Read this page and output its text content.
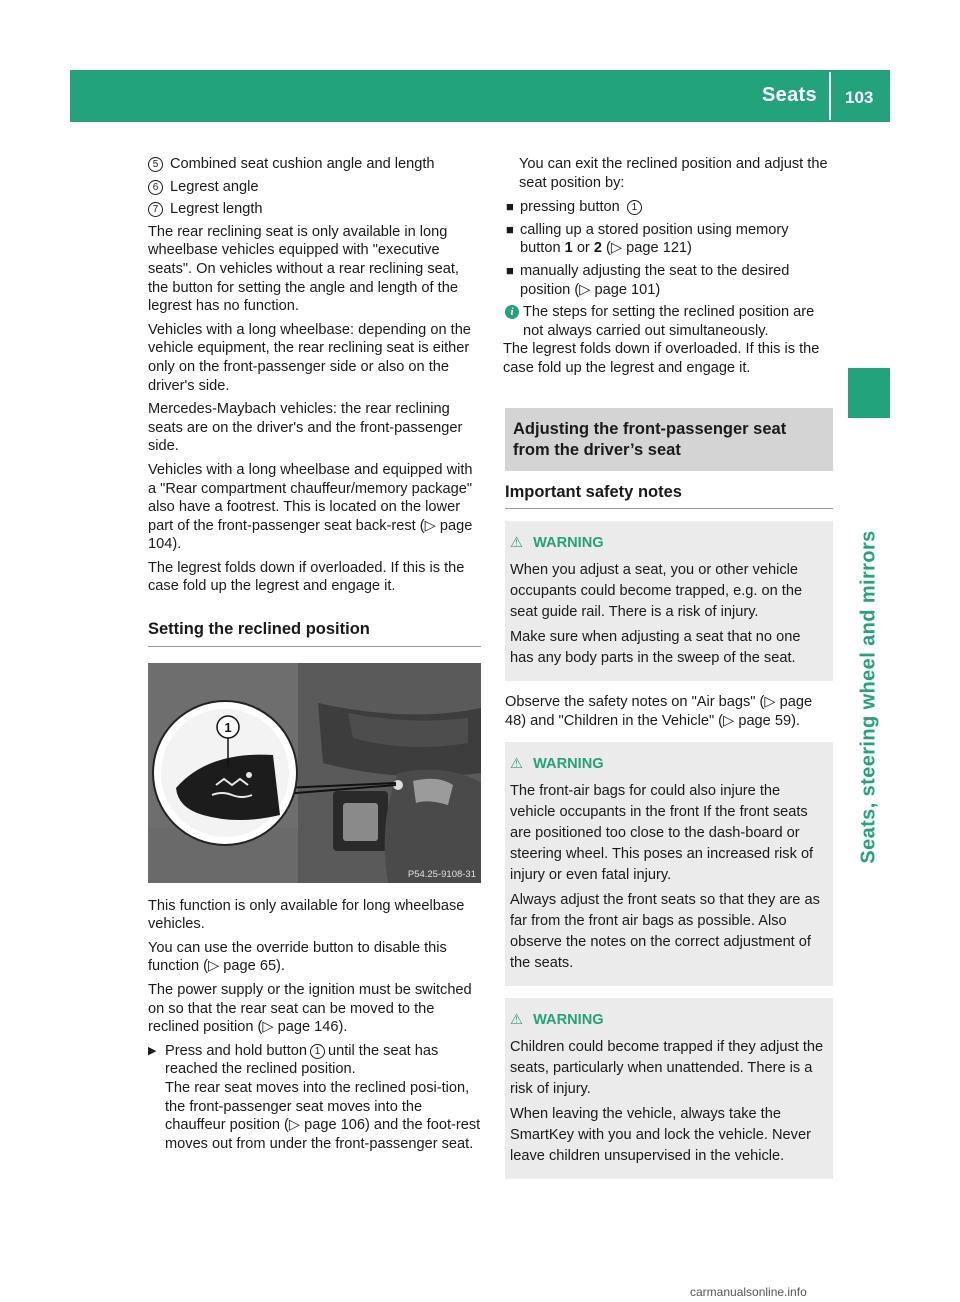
Seats 103
Seats, steering wheel and mirrors
5 Combined seat cushion angle and length
6 Legrest angle
7 Legrest length

The rear reclining seat is only available in long wheelbase vehicles equipped with "executive seats". On vehicles without a rear reclining seat, the button for setting the angle and length of the legrest has no function.

Vehicles with a long wheelbase: depending on the vehicle equipment, the rear reclining seat is either only on the front-passenger side or also on the driver's side.

Mercedes-Maybach vehicles: the rear reclining seats are on the driver's and the front-passenger side.

Vehicles with a long wheelbase and equipped with a "Rear compartment chauffeur/memory package" also have a footrest. This is located on the lower part of the front-passenger seat back-rest (▷ page 104).

The legrest folds down if overloaded. If this is the case fold up the legrest and engage it.

Setting the reclined position
1
P54.25-9108-31

This function is only available for long wheelbase vehicles.

You can use the override button to disable this function (▷ page 65).

The power supply or the ignition must be switched on so that the rear seat can be moved to the reclined position (▷ page 146).

▶ Press and hold button 1 until the seat has reached the reclined position.
The rear seat moves into the reclined posi-tion, the front-passenger seat moves into the chauffeur position (▷ page 106) and the foot-rest moves out from under the front-passenger seat.

You can exit the reclined position and adjust the seat position by:

■ pressing button 1
■ calling up a stored position using memory button 1 or 2 (▷ page 121)
■ manually adjusting the seat to the desired position (▷ page 101)
i The steps for setting the reclined position are not always carried out simultaneously.

The legrest folds down if overloaded. If this is the case fold up the legrest and engage it.

Adjusting the front-passenger seat from the driver’s seat
Important safety notes
⚠ WARNING

When you adjust a seat, you or other vehicle occupants could become trapped, e.g. on the seat guide rail. There is a risk of injury.

Make sure when adjusting a seat that no one has any body parts in the sweep of the seat.

Observe the safety notes on "Air bags" (▷ page 48) and "Children in the Vehicle" (▷ page 59).

⚠ WARNING

The front-air bags for could also injure the vehicle occupants in the front If the front seats are positioned too close to the dash-board or steering wheel. This poses an increased risk of injury or even fatal injury.

Always adjust the front seats so that they are as far from the front air bags as possible. Also observe the notes on the correct adjustment of the seats.

⚠ WARNING

Children could become trapped if they adjust the seats, particularly when unattended. There is a risk of injury.

When leaving the vehicle, always take the SmartKey with you and lock the vehicle. Never leave children unsupervised in the vehicle.

carmanualsonline.info
